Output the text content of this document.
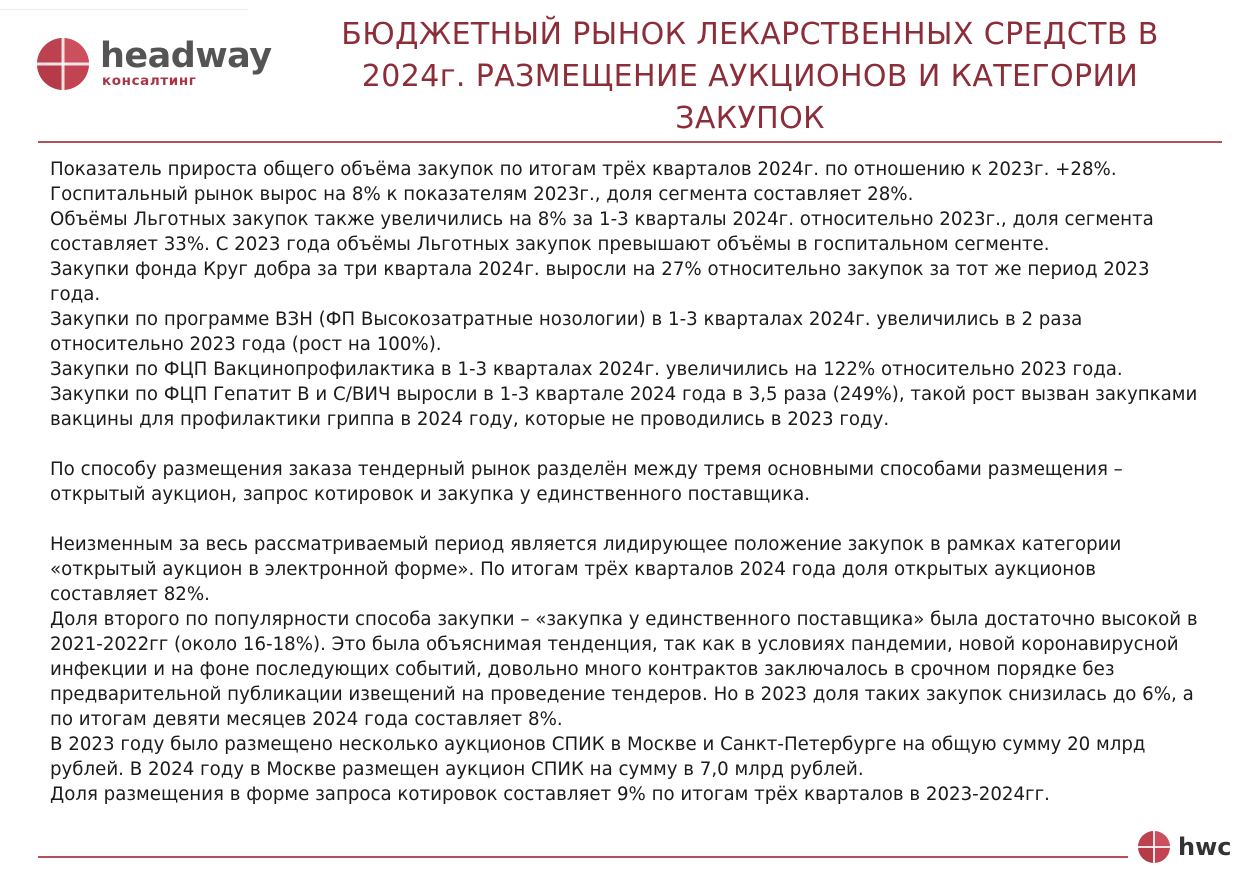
headway
консалтинг
БЮДЖЕТНЫЙ РЫНОК ЛЕКАРСТВЕННЫХ СРЕДСТВ В 2024г. РАЗМЕЩЕНИЕ АУКЦИОНОВ И КАТЕГОРИИ ЗАКУПОК

Показатель прироста общего объёма закупок по итогам трёх кварталов 2024г. по отношению к 2023г. +28%.

Госпитальный рынок вырос на 8% к показателям 2023г., доля сегмента составляет 28%.

Объёмы Льготных закупок также увеличились на 8% за 1-3 кварталы 2024г. относительно 2023г., доля сегмента составляет 33%. С 2023 года объёмы Льготных закупок превышают объёмы в госпитальном сегменте.

Закупки фонда Круг добра за три квартала 2024г. выросли на 27% относительно закупок за тот же период 2023 года.

Закупки по программе ВЗН (ФП Высокозатратные нозологии) в 1-3 кварталах 2024г. увеличились в 2 раза относительно 2023 года (рост на 100%).

Закупки по ФЦП Вакцинопрофилактика в 1-3 кварталах 2024г. увеличились на 122% относительно 2023 года.

Закупки по ФЦП Гепатит В и С/ВИЧ выросли в 1-3 квартале 2024 года в 3,5 раза (249%), такой рост вызван закупками вакцины для профилактики гриппа в 2024 году, которые не проводились в 2023 году.

По способу размещения заказа тендерный рынок разделён между тремя основными способами размещения – открытый аукцион, запрос котировок и закупка у единственного поставщика.

Неизменным за весь рассматриваемый период является лидирующее положение закупок в рамках категории «открытый аукцион в электронной форме». По итогам трёх кварталов 2024 года доля открытых аукционов составляет 82%.

Доля второго по популярности способа закупки – «закупка у единственного поставщика» была достаточно высокой в 2021-2022гг (около 16-18%). Это была объяснимая тенденция, так как в условиях пандемии, новой коронавирусной инфекции и на фоне последующих событий, довольно много контрактов заключалось в срочном порядке без предварительной публикации извещений на проведение тендеров. Но в 2023 доля таких закупок снизилась до 6%, а по итогам девяти месяцев 2024 года составляет 8%.

В 2023 году было размещено несколько аукционов СПИК в Москве и Санкт-Петербурге на общую сумму 20 млрд рублей. В 2024 году в Москве размещен аукцион СПИК на сумму в 7,0 млрд рублей.

Доля размещения в форме запроса котировок составляет 9% по итогам трёх кварталов в 2023-2024гг.

hwc
